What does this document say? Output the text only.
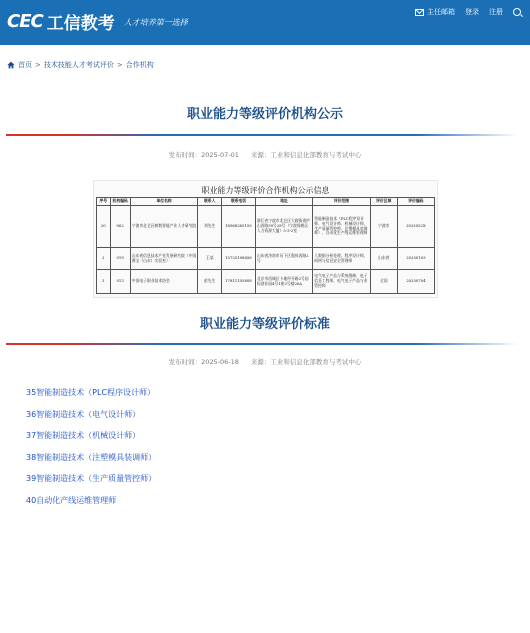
CEC 工信教考 人才培养第一选择
主任邮箱 登录 注册
首页 > 技术技能人才考试评价 > 合作机构
职业能力等级评价机构公示
发布时间：2025-07-01 来源：工业和信息化部教育与考试中心
职业能力等级评价合作机构公示信息
序号	机构编码	单位名称	联系人	联系电话	地址	评价范围	评价区域	评价编码
20	062	宁波市北仑区树数智能产业人才研究院	刘先生	18968265155	浙江省宁波市北仑区大碶街道庐山西路99号28号（宁波保税区人力资源大厦）5-3-2室	智能制造技术（PLC程序设计师、电气设计师、机械设计师、生产质量管控师、注塑模具装调师）、自动化生产线运维管理师	宁波市	2025052X
2	019	山东省信息技术产业发展研究院（中国赛宝（山东）实验室）	王某	15725106656	山东省济南市历下区奥体西路2号	人数据分析处理、程序设计师、网络与信息安全管理师	山东省	20250103
3	013	中国电子职业技术协会	彭先生	17811105808	北京市西城区卜地经开路2号国际创业园4号1座2号楼26A	电气电子产品与系统维修、电子信息工程师、电气电子产品与业管控师	全国	20250704
职业能力等级评价标准
发布时间：2025-06-18 来源：工业和信息化部教育与考试中心
35智能制造技术（PLC程序设计师）
36智能制造技术（电气设计师）
37智能制造技术（机械设计师）
38智能制造技术（注塑模具装调师）
39智能制造技术（生产质量管控师）
40自动化产线运维管理师
